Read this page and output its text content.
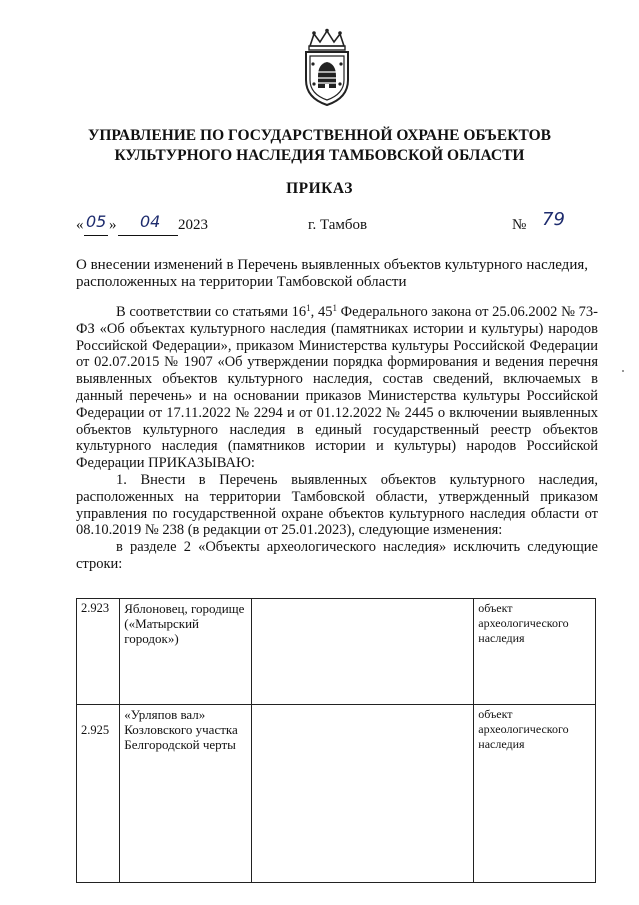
УПРАВЛЕНИЕ ПО ГОСУДАРСТВЕННОЙ ОХРАНЕ ОБЪЕКТОВ
КУЛЬТУРНОГО НАСЛЕДИЯ ТАМБОВСКОЙ ОБЛАСТИ
ПРИКАЗ
« 05 » 04 2023	г. Тамбов	№ 79
О внесении изменений в Перечень выявленных объектов культурного наследия,
расположенных на территории Тамбовской области

В соответствии со статьями $16^1$, $45^1$ Федерального закона от 25.06.2002 № 73-ФЗ «Об объектах культурного наследия (памятниках истории и культуры) народов Российской Федерации», приказом Министерства культуры Российской Федерации от 02.07.2015 № 1907 «Об утверждении порядка формирования и ведения перечня выявленных объектов культурного наследия, состав сведений, включаемых в данный перечень» и на основании приказов Министерства культуры Российской Федерации от 17.11.2022 № 2294 и от 01.12.2022 № 2445 о включении выявленных объектов культурного наследия в единый государственный реестр объектов культурного наследия (памятников истории и культуры) народов Российской Федерации ПРИКАЗЫВАЮ:

1. Внести в Перечень выявленных объектов культурного наследия, расположенных на территории Тамбовской области, утвержденный приказом управления по государственной охране объектов культурного наследия области от 08.10.2019 № 238 (в редакции от 25.01.2023), следующие изменения:

в разделе 2 «Объекты археологического наследия» исключить следующие строки:

2.923	Яблоновец, городище («Матырский городок»)		объект археологического наследия
2.925	«Урляпов вал» Козловского участка Белгородской черты		объект археологического наследия
